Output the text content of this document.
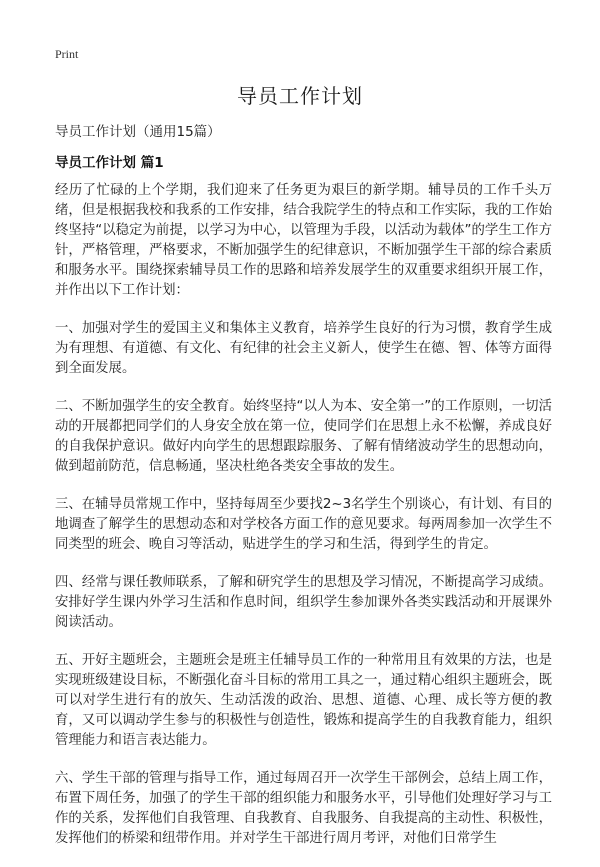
Print
导员工作计划
导员工作计划（通用15篇）
导员工作计划 篇1

经历了忙碌的上个学期，我们迎来了任务更为艰巨的新学期。辅导员的工作千头万绪，但是根据我校和我系的工作安排，结合我院学生的特点和工作实际，我的工作始终坚持“以稳定为前提，以学习为中心，以管理为手段，以活动为载体”的学生工作方针，严格管理，严格要求，不断加强学生的纪律意识，不断加强学生干部的综合素质和服务水平。围绕探索辅导员工作的思路和培养发展学生的双重要求组织开展工作，并作出以下工作计划：

一、加强对学生的爱国主义和集体主义教育，培养学生良好的行为习惯，教育学生成为有理想、有道德、有文化、有纪律的社会主义新人，使学生在德、智、体等方面得到全面发展。

二、不断加强学生的安全教育。始终坚持“以人为本、安全第一”的工作原则，一切活动的开展都把同学们的人身安全放在第一位，使同学们在思想上永不松懈，养成良好的自我保护意识。做好内向学生的思想跟踪服务、了解有情绪波动学生的思想动向，做到超前防范，信息畅通，坚决杜绝各类安全事故的发生。

三、在辅导员常规工作中，坚持每周至少要找2~3名学生个别谈心，有计划、有目的地调查了解学生的思想动态和对学校各方面工作的意见要求。每两周参加一次学生不同类型的班会、晚自习等活动，贴进学生的学习和生活，得到学生的肯定。

四、经常与课任教师联系，了解和研究学生的思想及学习情况，不断提高学习成绩。安排好学生课内外学习生活和作息时间，组织学生参加课外各类实践活动和开展课外阅读活动。

五、开好主题班会，主题班会是班主任辅导员工作的一种常用且有效果的方法，也是实现班级建设目标，不断强化奋斗目标的常用工具之一，通过精心组织主题班会，既可以对学生进行有的放矢、生动活泼的政治、思想、道德、心理、成长等方便的教育，又可以调动学生参与的积极性与创造性，锻炼和提高学生的自我教育能力，组织管理能力和语言表达能力。

六、学生干部的管理与指导工作，通过每周召开一次学生干部例会，总结上周工作，布置下周任务，加强了的学生干部的组织能力和服务水平，引导他们处理好学习与工作的关系，发挥他们自我管理、自我教育、自我服务、自我提高的主动性、积极性，发挥他们的桥梁和纽带作用。并对学生干部进行周月考评，对他们日常学生
